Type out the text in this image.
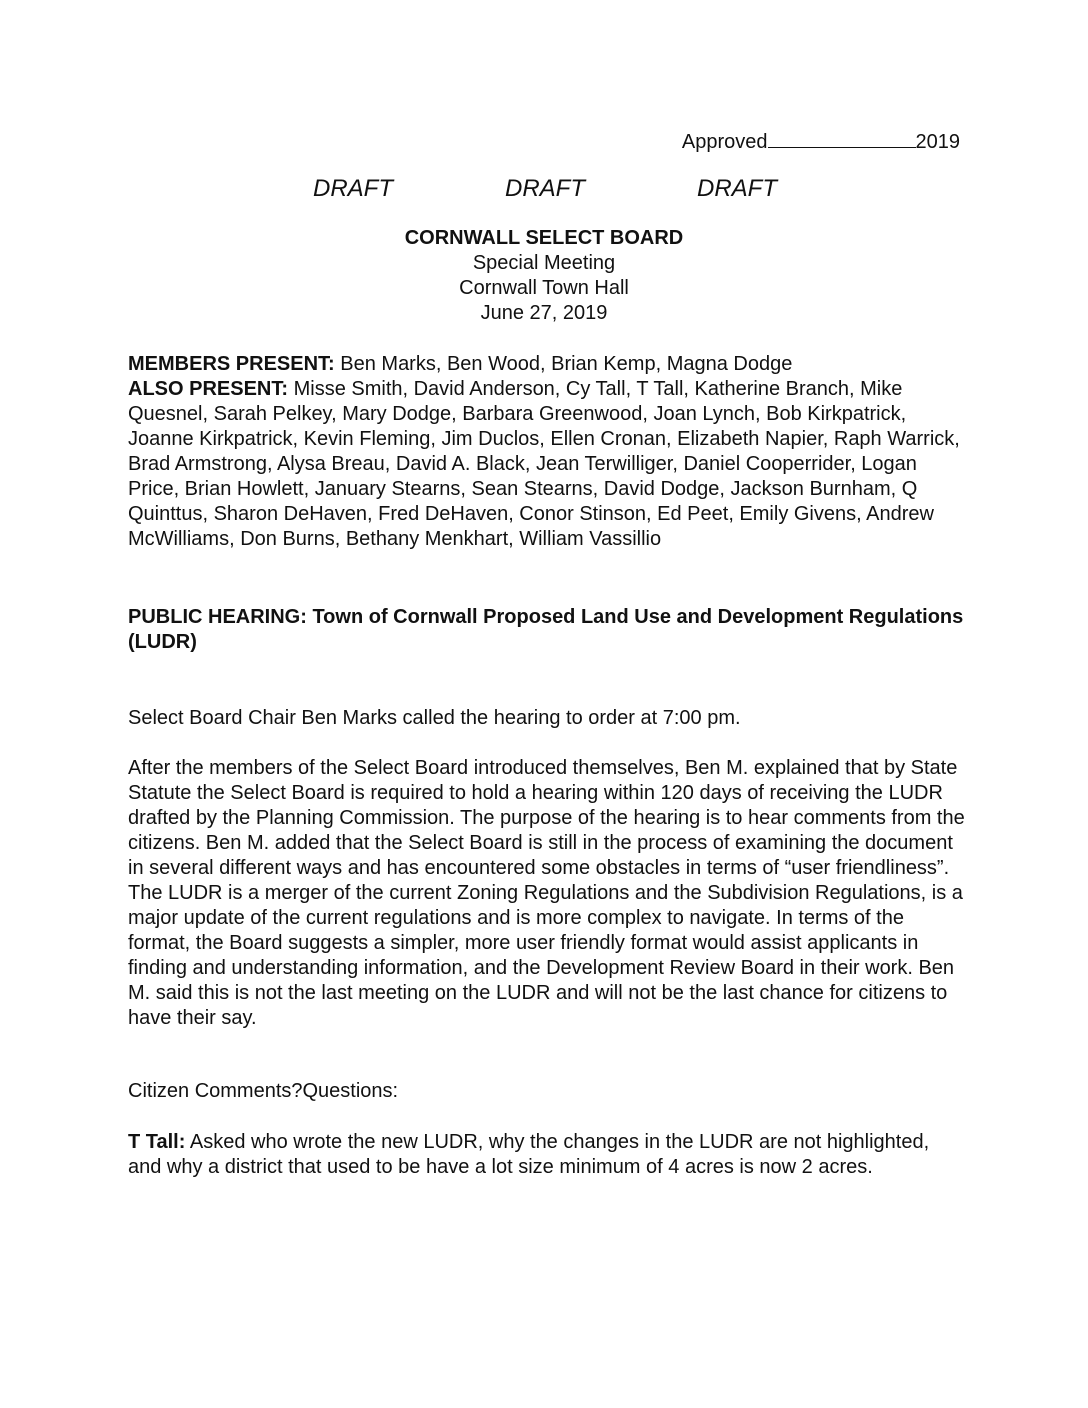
Approved	2019
DRAFT	DRAFT	DRAFT
CORNWALL SELECT BOARD
Special Meeting
Cornwall Town Hall
June 27, 2019
MEMBERS PRESENT: Ben Marks, Ben Wood, Brian Kemp, Magna Dodge
ALSO PRESENT: Misse Smith, David Anderson, Cy Tall, T Tall, Katherine Branch, Mike Quesnel, Sarah Pelkey, Mary Dodge, Barbara Greenwood, Joan Lynch, Bob Kirkpatrick, Joanne Kirkpatrick, Kevin Fleming, Jim Duclos, Ellen Cronan, Elizabeth Napier, Raph Warrick, Brad Armstrong, Alysa Breau, David A. Black, Jean Terwilliger, Daniel Cooperrider, Logan Price, Brian Howlett, January Stearns, Sean Stearns, David Dodge, Jackson Burnham, Q Quinttus, Sharon DeHaven, Fred DeHaven, Conor Stinson, Ed Peet, Emily Givens, Andrew McWilliams, Don Burns, Bethany Menkhart, William Vassillio
PUBLIC HEARING: Town of Cornwall Proposed Land Use and Development Regulations (LUDR)
Select Board Chair Ben Marks called the hearing to order at 7:00 pm.
After the members of the Select Board introduced themselves, Ben M. explained that by State Statute the Select Board is required to hold a hearing within 120 days of receiving the LUDR drafted by the Planning Commission. The purpose of the hearing is to hear comments from the citizens. Ben M. added that the Select Board is still in the process of examining the document in several different ways and has encountered some obstacles in terms of “user friendliness”. The LUDR is a merger of the current Zoning Regulations and the Subdivision Regulations, is a major update of the current regulations and is more complex to navigate. In terms of the format, the Board suggests a simpler, more user friendly format would assist applicants in finding and understanding information, and the Development Review Board in their work. Ben M. said this is not the last meeting on the LUDR and will not be the last chance for citizens to have their say.
Citizen Comments?Questions:
T Tall: Asked who wrote the new LUDR, why the changes in the LUDR are not highlighted, and why a district that used to be have a lot size minimum of 4 acres is now 2 acres.
